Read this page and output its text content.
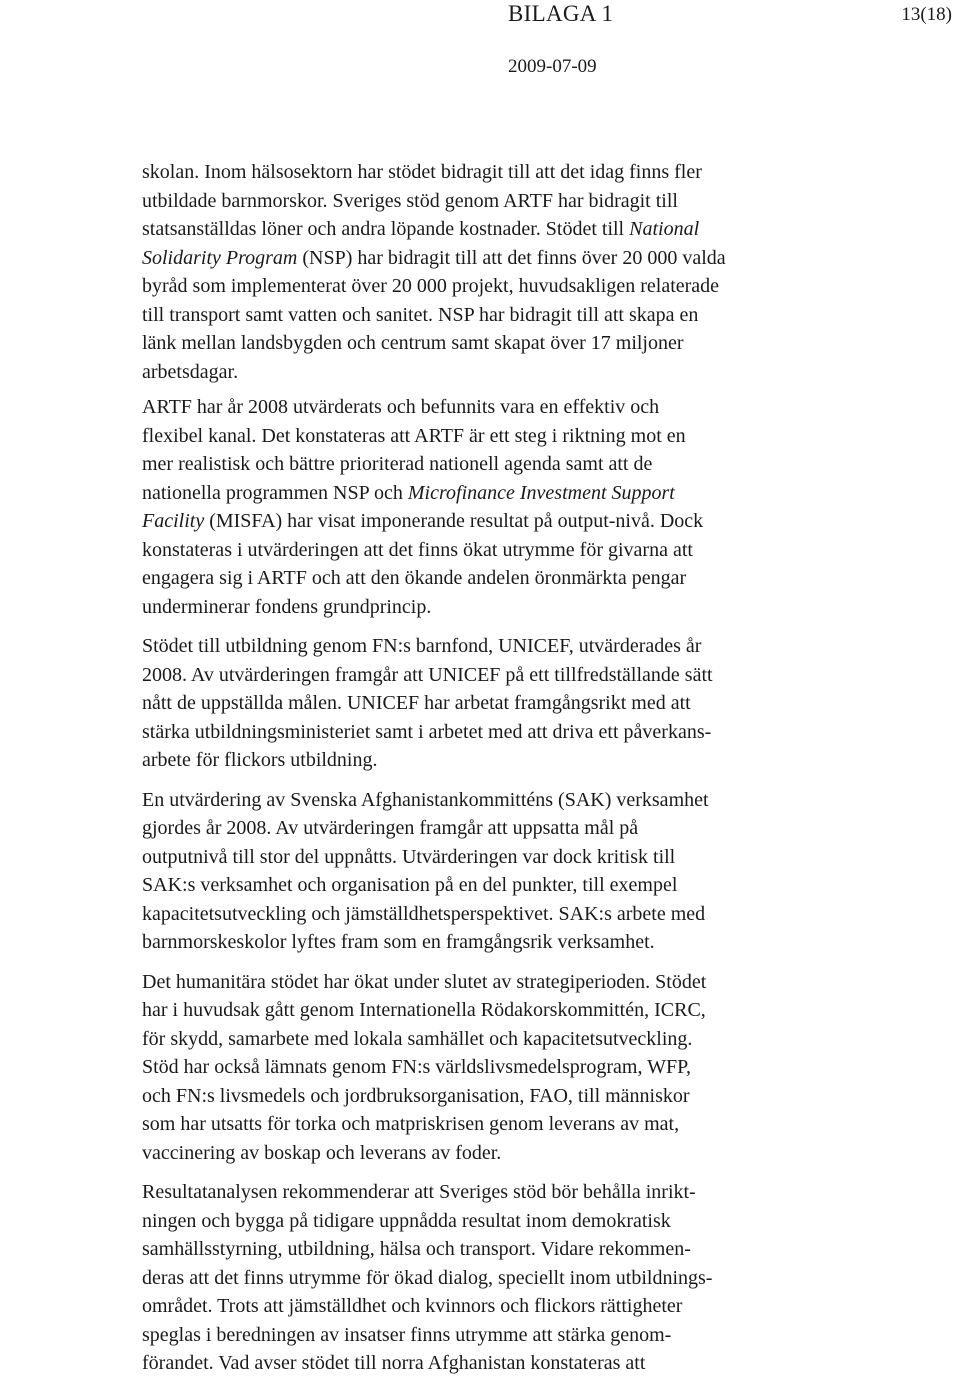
BILAGA 1	13(18)
2009-07-09

skolan. Inom hälsosektorn har stödet bidragit till att det idag finns fler
utbildade barnmorskor. Sveriges stöd genom ARTF har bidragit till
statsanställdas löner och andra löpande kostnader. Stödet till National
Solidarity Program (NSP) har bidragit till att det finns över 20 000 valda
byråd som implementerat över 20 000 projekt, huvudsakligen relaterade
till transport samt vatten och sanitet. NSP har bidragit till att skapa en
länk mellan landsbygden och centrum samt skapat över 17 miljoner
arbetsdagar.

ARTF har år 2008 utvärderats och befunnits vara en effektiv och
flexibel kanal. Det konstateras att ARTF är ett steg i riktning mot en
mer realistisk och bättre prioriterad nationell agenda samt att de
nationella programmen NSP och Microfinance Investment Support
Facility (MISFA) har visat imponerande resultat på output-nivå. Dock
konstateras i utvärderingen att det finns ökat utrymme för givarna att
engagera sig i ARTF och att den ökande andelen öronmärkta pengar
underminerar fondens grundprincip.

Stödet till utbildning genom FN:s barnfond, UNICEF, utvärderades år
2008. Av utvärderingen framgår att UNICEF på ett tillfredställande sätt
nått de uppställda målen. UNICEF har arbetat framgångsrikt med att
stärka utbildningsministeriet samt i arbetet med att driva ett påverkans-
arbete för flickors utbildning.

En utvärdering av Svenska Afghanistankommitténs (SAK) verksamhet
gjordes år 2008. Av utvärderingen framgår att uppsatta mål på
outputnivå till stor del uppnåtts. Utvärderingen var dock kritisk till
SAK:s verksamhet och organisation på en del punkter, till exempel
kapacitetsutveckling och jämställdhetsperspektivet. SAK:s arbete med
barnmorskeskolor lyftes fram som en framgångsrik verksamhet.

Det humanitära stödet har ökat under slutet av strategiperioden. Stödet
har i huvudsak gått genom Internationella Rödakorskommittén, ICRC,
för skydd, samarbete med lokala samhället och kapacitetsutveckling.
Stöd har också lämnats genom FN:s världslivsmedelsprogram, WFP,
och FN:s livsmedels och jordbruksorganisation, FAO, till människor
som har utsatts för torka och matpriskrisen genom leverans av mat,
vaccinering av boskap och leverans av foder.

Resultatanalysen rekommenderar att Sveriges stöd bör behålla inrikt-
ningen och bygga på tidigare uppnådda resultat inom demokratisk
samhällsstyrning, utbildning, hälsa och transport. Vidare rekommen-
deras att det finns utrymme för ökad dialog, speciellt inom utbildnings-
området. Trots att jämställdhet och kvinnors och flickors rättigheter
speglas i beredningen av insatser finns utrymme att stärka genom-
förandet. Vad avser stödet till norra Afghanistan konstateras att
